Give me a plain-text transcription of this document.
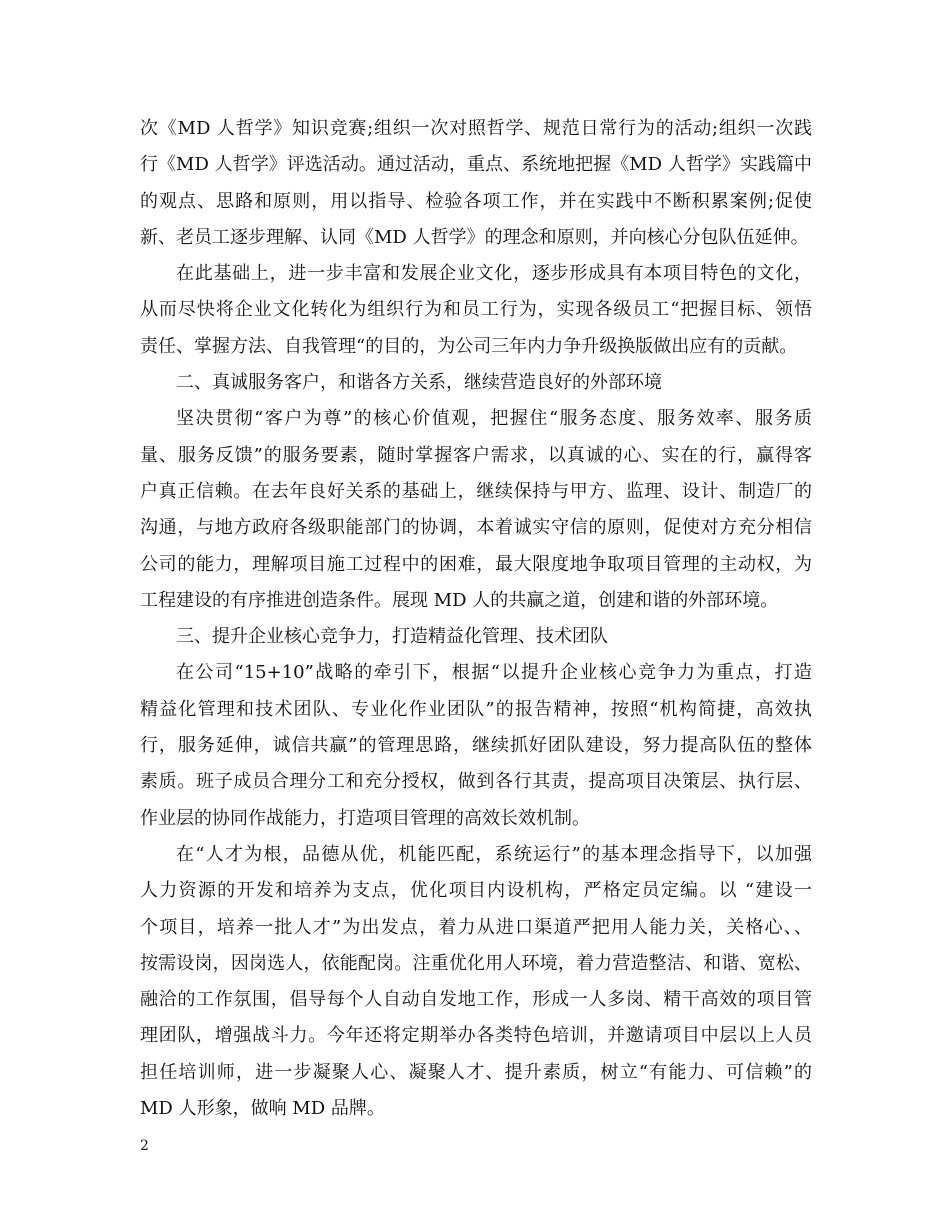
次《MD 人哲学》知识竞赛;组织一次对照哲学、规范日常行为的活动;组织一次践
行《MD 人哲学》评选活动。通过活动，重点、系统地把握《MD 人哲学》实践篇中
的观点、思路和原则，用以指导、检验各项工作，并在实践中不断积累案例;促使
新、老员工逐步理解、认同《MD 人哲学》的理念和原则，并向核心分包队伍延伸。
在此基础上，进一步丰富和发展企业文化，逐步形成具有本项目特色的文化，
从而尽快将企业文化转化为组织行为和员工行为，实现各级员工“把握目标、领悟
责任、掌握方法、自我管理“的目的，为公司三年内力争升级换版做出应有的贡献。
二、真诚服务客户，和谐各方关系，继续营造良好的外部环境
坚决贯彻“客户为尊”的核心价值观，把握住“服务态度、服务效率、服务质
量、服务反馈”的服务要素，随时掌握客户需求，以真诚的心、实在的行，赢得客
户真正信赖。在去年良好关系的基础上，继续保持与甲方、监理、设计、制造厂的
沟通，与地方政府各级职能部门的协调，本着诚实守信的原则，促使对方充分相信
公司的能力，理解项目施工过程中的困难，最大限度地争取项目管理的主动权，为
工程建设的有序推进创造条件。展现 MD 人的共赢之道，创建和谐的外部环境。
三、提升企业核心竞争力，打造精益化管理、技术团队
在公司“15+10”战略的牵引下，根据“以提升企业核心竞争力为重点，打造
精益化管理和技术团队、专业化作业团队”的报告精神，按照“机构简捷，高效执
行，服务延伸，诚信共赢”的管理思路，继续抓好团队建设，努力提高队伍的整体
素质。班子成员合理分工和充分授权，做到各行其责，提高项目决策层、执行层、
作业层的协同作战能力，打造项目管理的高效长效机制。
在“人才为根，品德从优，机能匹配，系统运行”的基本理念指导下，以加强
人力资源的开发和培养为支点，优化项目内设机构，严格定员定编。以 “建设一
个项目，培养一批人才”为出发点，着力从进口渠道严把用人能力关，关格心、、
按需设岗，因岗选人，依能配岗。注重优化用人环境，着力营造整洁、和谐、宽松、
融洽的工作氛围，倡导每个人自动自发地工作，形成一人多岗、精干高效的项目管
理团队，增强战斗力。今年还将定期举办各类特色培训，并邀请项目中层以上人员
担任培训师，进一步凝聚人心、凝聚人才、提升素质，树立“有能力、可信赖”的
MD 人形象，做响 MD 品牌。
2
